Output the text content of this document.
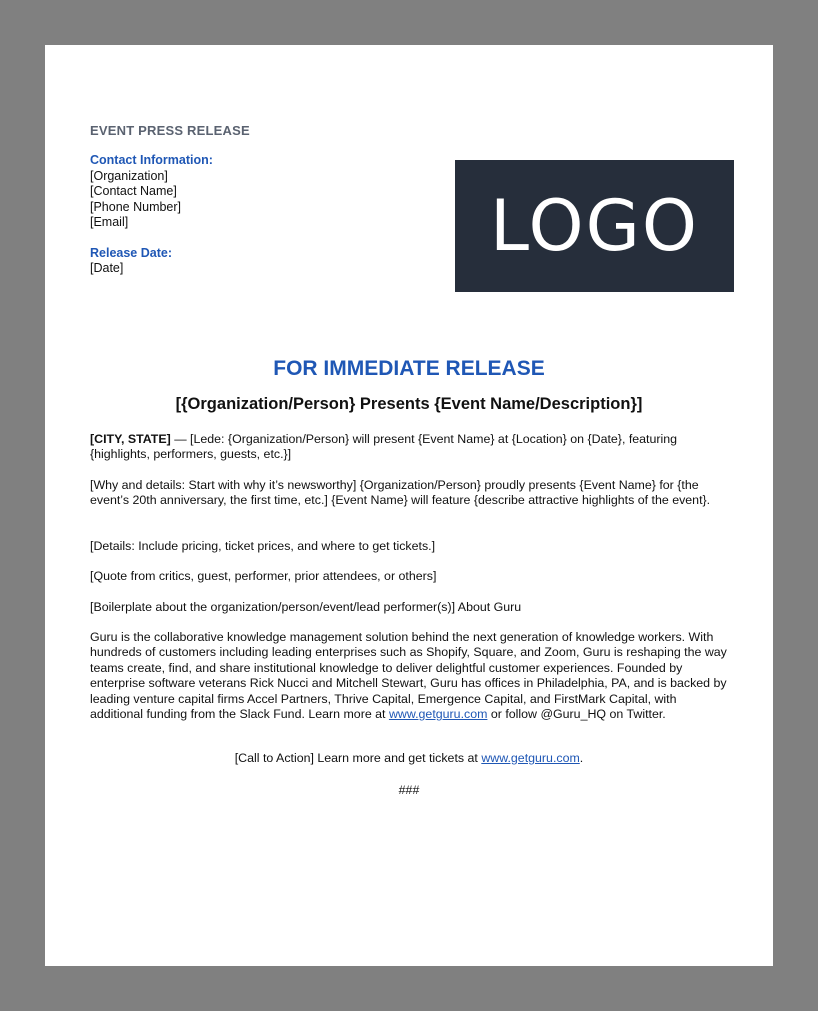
EVENT PRESS RELEASE
Contact Information:
[Organization]
[Contact Name]
[Phone Number]
[Email]
Release Date:
[Date]
LOGO
FOR IMMEDIATE RELEASE
[{Organization/Person} Presents {Event Name/Description}]

[CITY, STATE] — [Lede: {Organization/Person} will present {Event Name} at {Location} on {Date}, featuring {highlights, performers, guests, etc.}]

[Why and details: Start with why it’s newsworthy] {Organization/Person} proudly presents {Event Name} for {the event’s 20th anniversary, the first time, etc.] {Event Name} will feature {describe attractive highlights of the event}.

[Details: Include pricing, ticket prices, and where to get tickets.]

[Quote from critics, guest, performer, prior attendees, or others]

[Boilerplate about the organization/person/event/lead performer(s)] About Guru

Guru is the collaborative knowledge management solution behind the next generation of knowledge workers. With hundreds of customers including leading enterprises such as Shopify, Square, and Zoom, Guru is reshaping the way teams create, find, and share institutional knowledge to deliver delightful customer experiences. Founded by enterprise software veterans Rick Nucci and Mitchell Stewart, Guru has offices in Philadelphia, PA, and is backed by leading venture capital firms Accel Partners, Thrive Capital, Emergence Capital, and FirstMark Capital, with additional funding from the Slack Fund. Learn more at www.getguru.com or follow @Guru_HQ on Twitter.

[Call to Action] Learn more and get tickets at www.getguru.com.
###
